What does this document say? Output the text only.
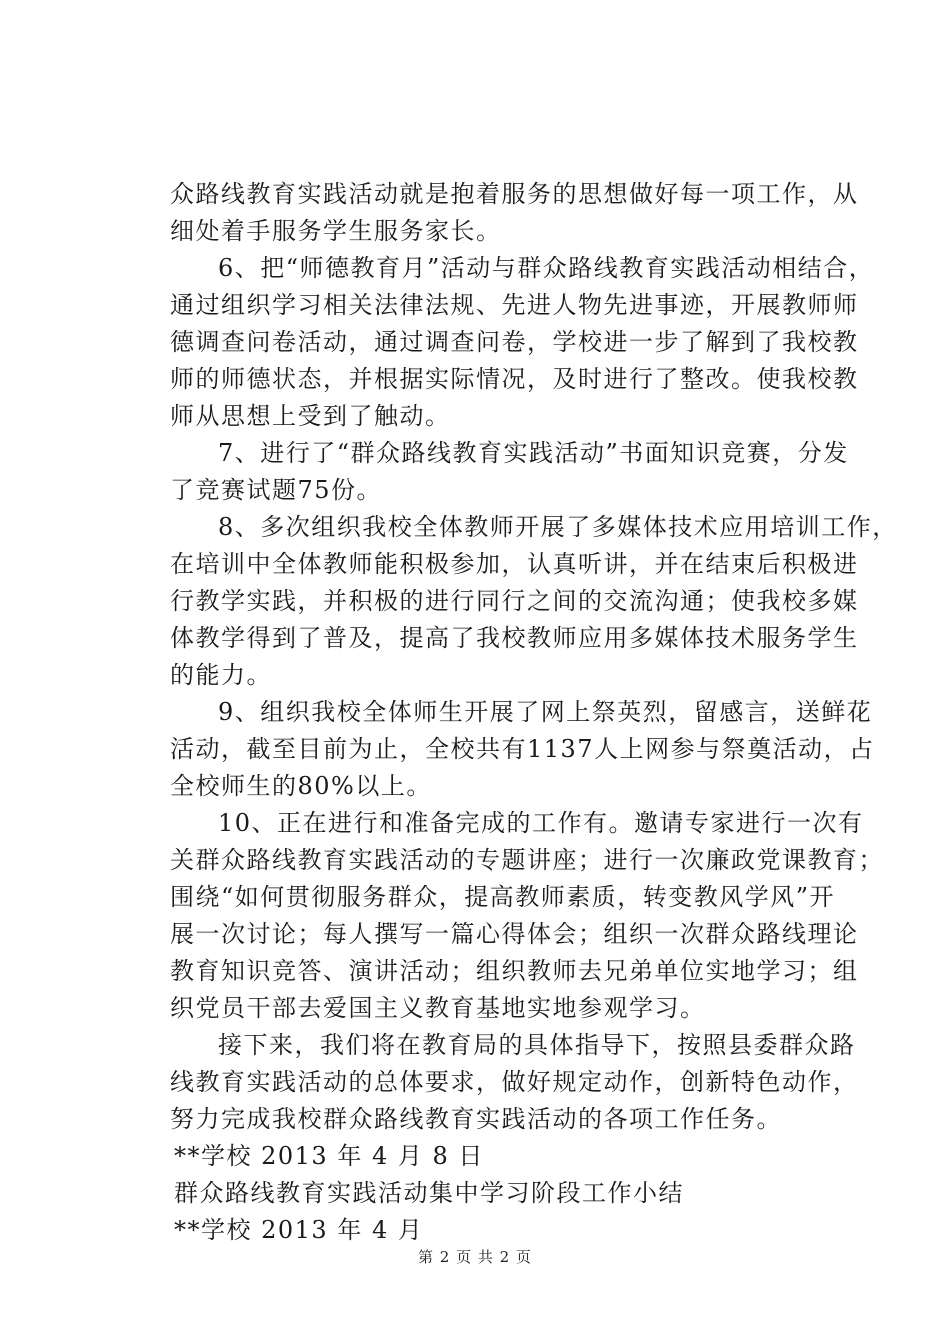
众路线教育实践活动就是抱着服务的思想做好每一项工作，从
细处着手服务学生服务家长。

6、把“师德教育月”活动与群众路线教育实践活动相结合，
通过组织学习相关法律法规、先进人物先进事迹，开展教师师
德调查问卷活动，通过调查问卷，学校进一步了解到了我校教
师的师德状态，并根据实际情况，及时进行了整改。使我校教
师从思想上受到了触动。

7、进行了“群众路线教育实践活动”书面知识竞赛，分发
了竞赛试题75份。

8、多次组织我校全体教师开展了多媒体技术应用培训工作，
在培训中全体教师能积极参加，认真听讲，并在结束后积极进
行教学实践，并积极的进行同行之间的交流沟通；使我校多媒
体教学得到了普及，提高了我校教师应用多媒体技术服务学生
的能力。

9、组织我校全体师生开展了网上祭英烈，留感言，送鲜花
活动，截至目前为止，全校共有1137人上网参与祭奠活动，占
全校师生的80%以上。

10、正在进行和准备完成的工作有。邀请专家进行一次有
关群众路线教育实践活动的专题讲座；进行一次廉政党课教育；
围绕“如何贯彻服务群众，提高教师素质，转变教风学风”开
展一次讨论；每人撰写一篇心得体会；组织一次群众路线理论
教育知识竞答、演讲活动；组织教师去兄弟单位实地学习；组
织党员干部去爱国主义教育基地实地参观学习。

接下来，我们将在教育局的具体指导下，按照县委群众路
线教育实践活动的总体要求，做好规定动作，创新特色动作，
努力完成我校群众路线教育实践活动的各项工作任务。

**学校 2013 年 4 月 8 日
群众路线教育实践活动集中学习阶段工作小结
**学校 2013 年 4 月

第 2 页 共 2 页
